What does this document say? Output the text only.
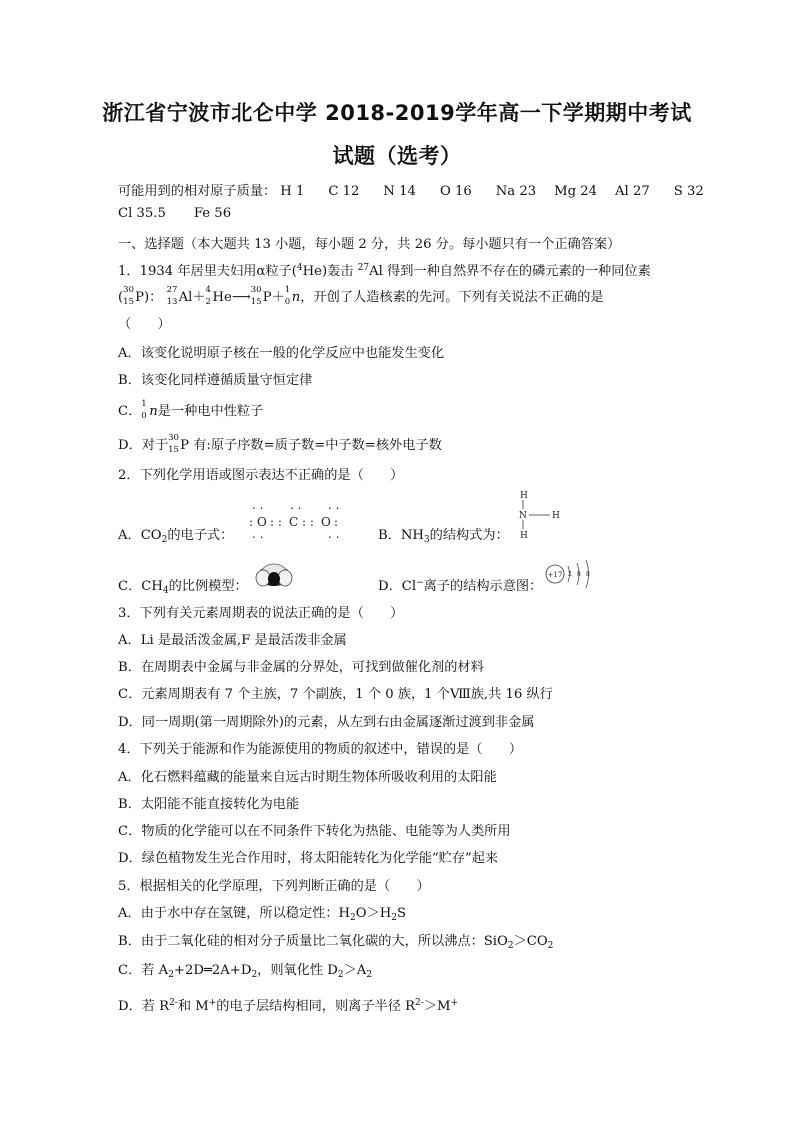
浙江省宁波市北仑中学 2018-2019学年高一下学期期中考试
试题（选考）
可能用到的相对原子质量： H 1 C 12 N 14 O 16 Na 23 Mg 24 Al 27 S 32
Cl 35.5 Fe 56
一、选择题（本大题共 13 小题，每小题 2 分，共 26 分。每小题只有一个正确答案）
1．1934 年居里夫妇用α粒子($^4$He)轰击 $^{27}$Al 得到一种自然界不存在的磷元素的一种同位素
( 30
15 P)： 27
13 Al＋ 4
2 He⟶ 30
15 P＋ 1
0 n，开创了人造核素的先河。下列有关说法不正确的是
（　　）
A．该变化说明原子核在一般的化学反应中也能发生变化
B．该变化同样遵循质量守恒定律
C． 1
0 n是一种电中性粒子
D．对于 30
15 P 有:原子序数=质子数=中子数=核外电子数
2．下列化学用语或图示表达不正确的是（　　）
A．$CO_2$的电子式：
. . . . . .
: O : : C : : O :
. .	. .	B．$NH_3$的结构式为：
H
N	H
H
C．$CH_4$的比例模型：	D．Cl−离子的结构示意图：
+17 2 8 8
3．下列有关元素周期表的说法正确的是（　　）
A．Li 是最活泼金属,F 是最活泼非金属
B．在周期表中金属与非金属的分界处，可找到做催化剂的材料
C．元素周期表有 7 个主族，7 个副族，1 个 0 族，1 个Ⅷ族,共 16 纵行
D．同一周期(第一周期除外)的元素，从左到右由金属逐渐过渡到非金属
4．下列关于能源和作为能源使用的物质的叙述中，错误的是（　　）
A．化石燃料蕴藏的能量来自远古时期生物体所吸收利用的太阳能
B．太阳能不能直接转化为电能
C．物质的化学能可以在不同条件下转化为热能、电能等为人类所用
D．绿色植物发生光合作用时，将太阳能转化为化学能“贮存”起来
5．根据相关的化学原理，下列判断正确的是（　　）
A．由于水中存在氢键，所以稳定性：$H_2O>H_2S$
B．由于二氧化硅的相对分子质量比二氧化碳的大，所以沸点：$SiO_2>CO_2$
C．若 $A_2+2D═2A+D_2$，则氧化性 $D_2>A_2$
D．若 $R^{2-}$和 M+的电子层结构相同，则离子半径 $R^{2-}>M^+$
